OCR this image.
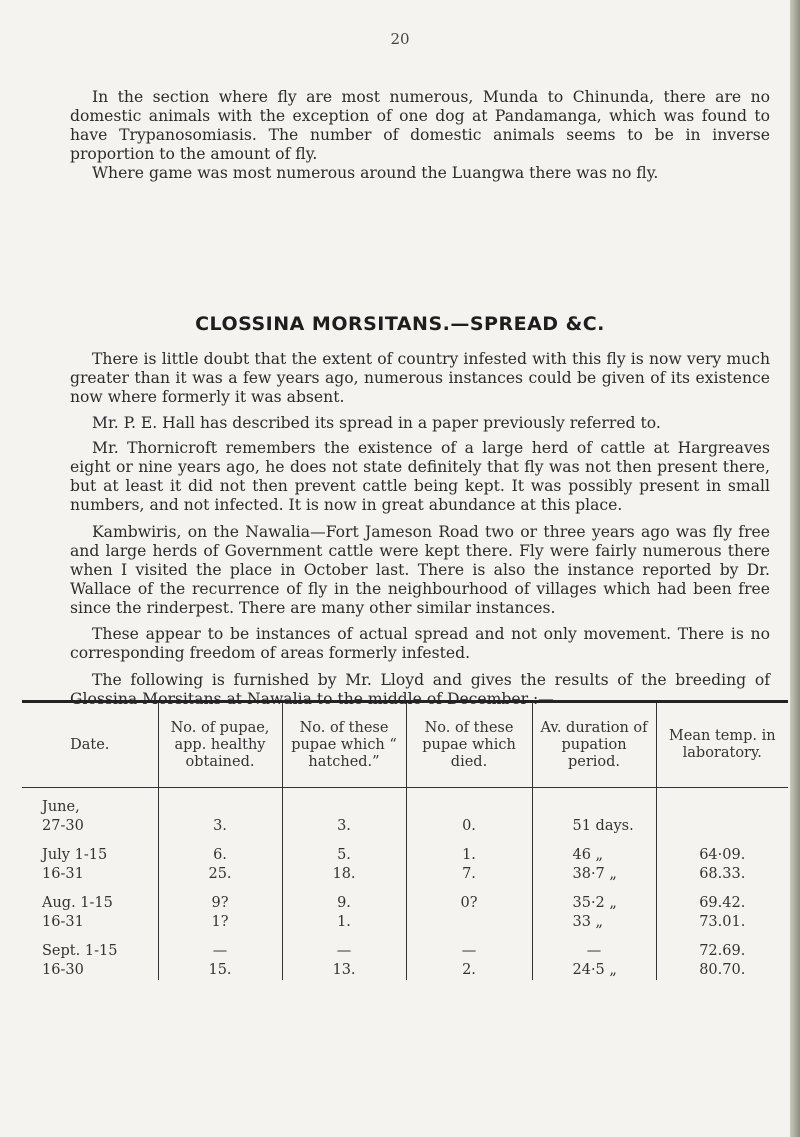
20

In the section where fly are most numerous, Munda to Chinunda, there are no domestic animals with the exception of one dog at Pandamanga, which was found to have Trypanosomiasis. The number of domestic animals seems to be in inverse proportion to the amount of fly.

Where game was most numerous around the Luangwa there was no fly.

CLOSSINA MORSITANS.—SPREAD &C.

There is little doubt that the extent of country infested with this fly is now very much greater than it was a few years ago, numerous instances could be given of its existence now where formerly it was absent.

Mr. P. E. Hall has described its spread in a paper previously referred to.

Mr. Thornicroft remembers the existence of a large herd of cattle at Hargreaves eight or nine years ago, he does not state definitely that fly was not then present there, but at least it did not then prevent cattle being kept. It was possibly present in small numbers, and not infected. It is now in great abundance at this place.

Kambwiris, on the Nawalia—Fort Jameson Road two or three years ago was fly free and large herds of Government cattle were kept there. Fly were fairly numerous there when I visited the place in October last. There is also the instance reported by Dr. Wallace of the recurrence of fly in the neighbourhood of villages which had been free since the rinderpest. There are many other similar instances.

These appear to be instances of actual spread and not only movement. There is no corresponding freedom of areas formerly infested.

The following is furnished by Mr. Lloyd and gives the results of the breeding of Glossina Morsitans at Nawalia to the middle of December :—

Date.	No. of pupae, app. healthy obtained.	No. of these pupae which “ hatched.”	No. of these pupae which died.	Av. duration of pupation period.	Mean temp. in laboratory.

June,					
27-30	3.	3.	0.	51 days.	

July 1-15	6.	5.	1.	46 „	64·09.
16-31	25.	18.	7.	38·7 „	68.33.

Aug. 1-15	9?	9.	0?	35·2 „	69.42.
16-31	1?	1.		33 „	73.01.

Sept. 1-15	—	—	—	—	72.69.
16-30	15.	13.	2.	24·5 „	80.70.
